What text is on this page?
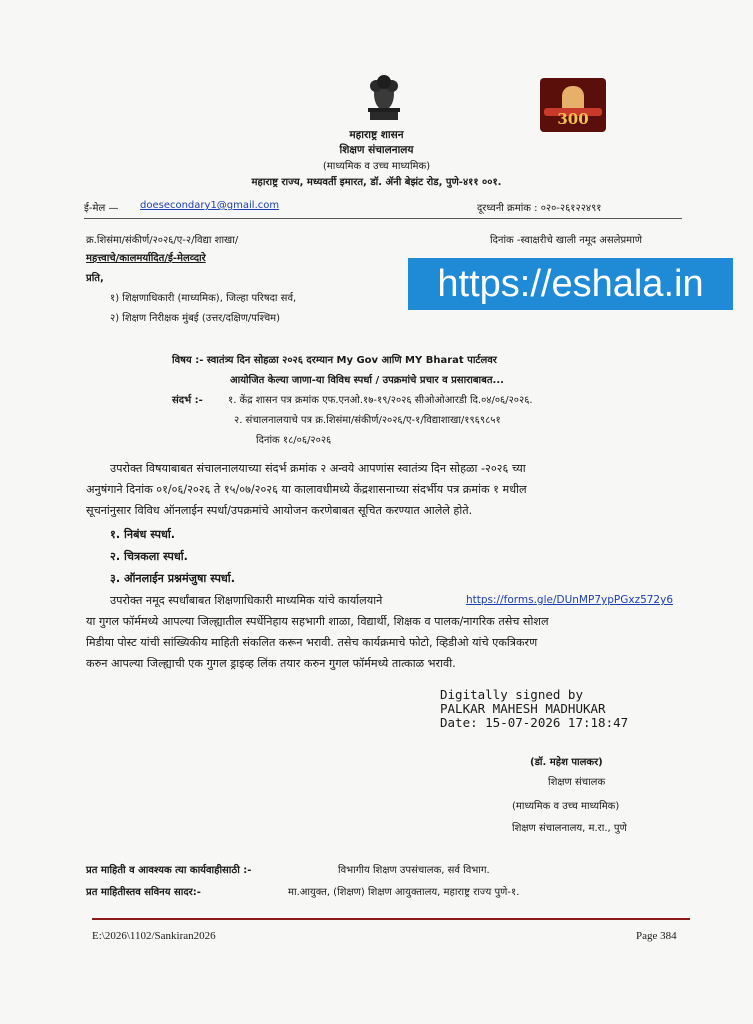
300
महाराष्ट्र शासन
शिक्षण संचालनालय
(माध्यमिक व उच्च माध्यमिक)
महाराष्ट्र राज्य, मध्यवर्ती इमारत, डॉ. ॲनी बेझंट रोड, पुणे-४११ ००१.
ई-मेल — doesecondary1@gmail.com	दूरध्वनी क्रमांक : ०२०-२६१२२४९१
क्र.शिसंमा/संकीर्ण/२०२६/ए-२/विद्या शाखा/	दिनांक -स्वाक्षरीचे खाली नमूद असलेप्रमाणे
महत्त्वाचे/कालमर्यादित/ई-मेलव्दारे
https://eshala.in
प्रति,
१) शिक्षणाधिकारी (माध्यमिक), जिल्हा परिषदा सर्व,
२) शिक्षण निरीक्षक मुंबई (उत्तर/दक्षिण/पश्चिम)
विषय :- स्वातंत्र्य दिन सोहळा २०२६ दरम्यान My Gov आणि MY Bharat पार्टलवर
आयोजित केल्या जाणा-या विविध स्पर्धा / उपक्रमांचे प्रचार व प्रसाराबाबत...
संदर्भ :-	१. केंद्र शासन पत्र क्रमांक एफ.एनओ.१७-१९/२०२६ सीओओआरडी दि.०४/०६/२०२६.
२. संचालनालयाचे पत्र क्र.शिसंमा/संकीर्ण/२०२६/ए-१/विद्याशाखा/१९६९८५१
दिनांक १८/०६/२०२६
उपरोक्त विषयाबाबत संचालनालयाच्या संदर्भ क्रमांक २ अन्वये आपणांस स्वातंत्र्य दिन सोहळा -२०२६ च्या
अनुषंगाने दिनांक ०१/०६/२०२६ ते १५/०७/२०२६ या कालावधीमध्ये केंद्रशासनाच्या संदर्भीय पत्र क्रमांक १ मधील
सूचनांनुसार विविध ऑनलाईन स्पर्धा/उपक्रमांचे आयोजन करणेबाबत सूचित करण्यात आलेले होते.
१. निबंध स्पर्धा.
२. चित्रकला स्पर्धा.
३. ऑनलाईन प्रश्नमंजुषा स्पर्धा.
उपरोक्त नमूद स्पर्धांबाबत शिक्षणाधिकारी माध्यमिक यांचे कार्यालयाने	https://forms.gle/DUnMP7ypPGxz572y6
या गुगल फॉर्ममध्ये आपल्या जिल्ह्यातील स्पर्धेनिहाय सहभागी शाळा, विद्यार्थी, शिक्षक व पालक/नागरिक तसेच सोशल
मिडीया पोस्ट यांची सांख्यिकीय माहिती संकलित करून भरावी. तसेच कार्यक्रमाचे फोटो, व्हिडीओ यांचे एकत्रिकरण
करुन आपल्या जिल्ह्याची एक गुगल ड्राइव्ह लिंक तयार करुन गुगल फॉर्ममध्ये तात्काळ भरावी.
Digitally signed by
PALKAR MAHESH MADHUKAR
Date: 15-07-2026 17:18:47
(डॉ. महेश पालकर)
शिक्षण संचालक
(माध्यमिक व उच्च माध्यमिक)
शिक्षण संचालनालय, म.रा., पुणे
प्रत माहिती व आवश्यक त्या कार्यवाहीसाठी :-	विभागीय शिक्षण उपसंचालक, सर्व विभाग.
प्रत माहितीस्तव सविनय सादर:-	मा.आयुक्त, (शिक्षण) शिक्षण आयुक्तालय, महाराष्ट्र राज्य पुणे-१.
E:\2026\1102/Sankiran2026	Page 384
